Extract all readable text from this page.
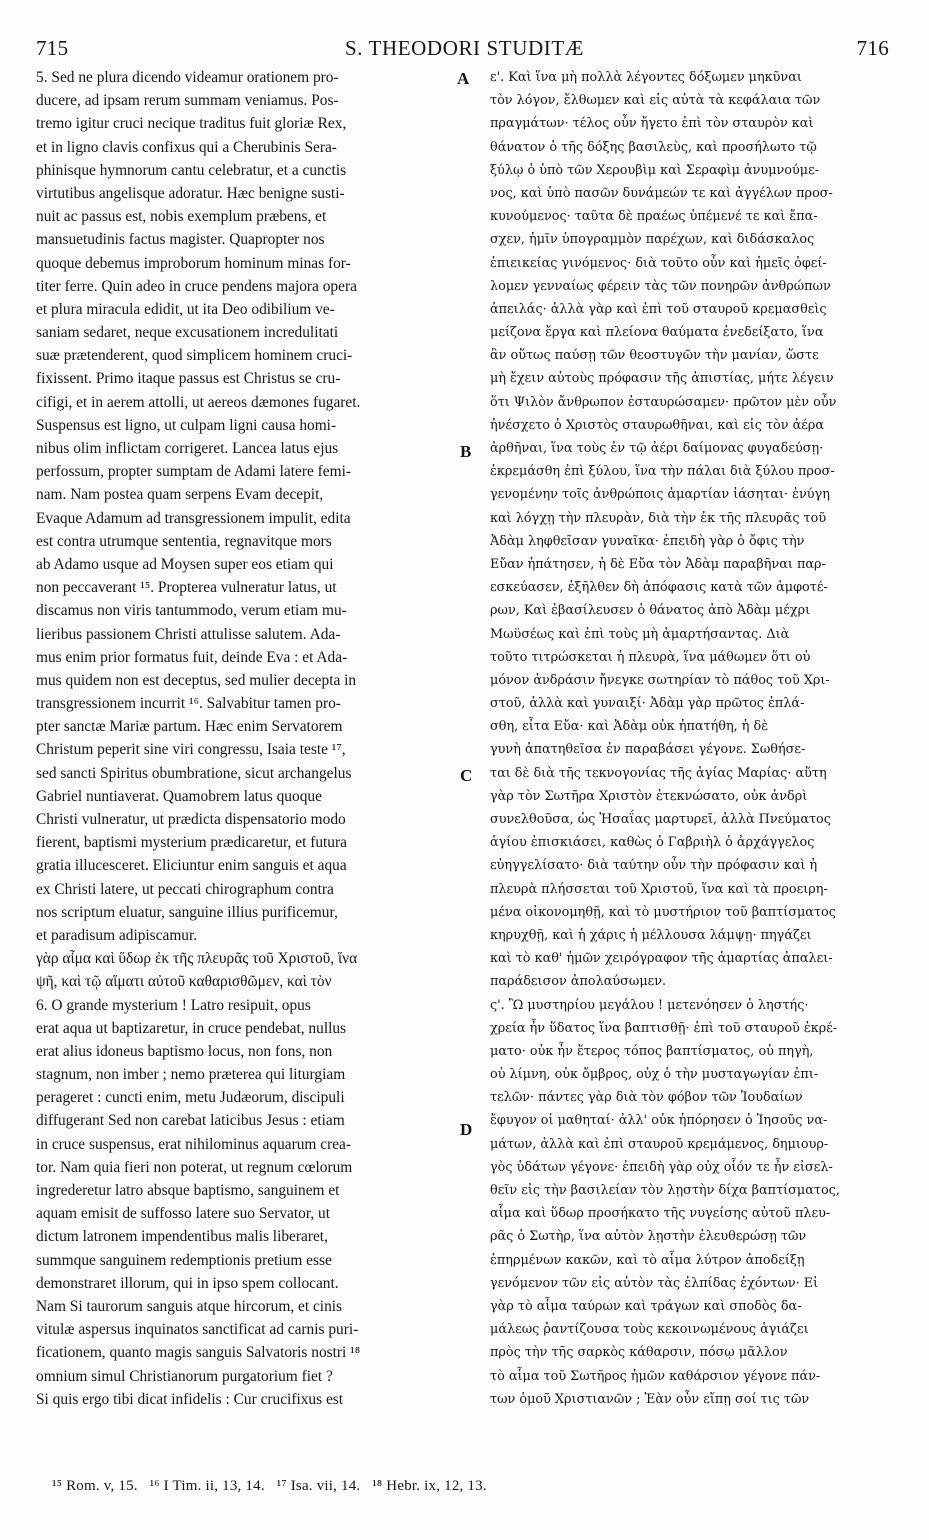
715	S. THEODORI STUDITÆ	716
5. Sed ne plura dicendo videamur orationem pro-
ducere, ad ipsam rerum summam veniamus. Pos-
tremo igitur cruci necique traditus fuit gloriæ Rex,
et in ligno clavis confixus qui a Cherubinis Sera-
phinisque hymnorum cantu celebratur, et a cunctis
virtutibus angelisque adoratur. Hæc benigne susti-
nuit ac passus est, nobis exemplum præbens, et
mansuetudinis factus magister. Quapropter nos
quoque debemus improborum hominum minas for-
titer ferre. Quin adeo in cruce pendens majora opera
et plura miracula edidit, ut ita Deo odibilium ve-
saniam sedaret, neque excusationem incredulitati
suæ prætenderent, quod simplicem hominem cruci-
fixissent. Primo itaque passus est Christus se cru-
cifigi, et in aerem attolli, ut aereos dæmones fugaret.
Suspensus est ligno, ut culpam ligni causa homi-
nibus olim inflictam corrigeret. Lancea latus ejus
perfossum, propter sumptam de Adami latere femi-
nam. Nam postea quam serpens Evam decepit,
Evaque Adamum ad transgressionem impulit, edita
est contra utrumque sententia, regnavitque mors
ab Adamo usque ad Moysen super eos etiam qui
non peccaverant ¹⁵. Propterea vulneratur latus, ut
discamus non viris tantummodo, verum etiam mu-
lieribus passionem Christi attulisse salutem. Ada-
mus enim prior formatus fuit, deinde Eva : et Ada-
mus quidem non est deceptus, sed mulier decepta in
transgressionem incurrit ¹⁶. Salvabitur tamen pro-
pter sanctæ Mariæ partum. Hæc enim Servatorem
Christum peperit sine viri congressu, Isaia teste ¹⁷,
sed sancti Spiritus obumbratione, sicut archangelus
Gabriel nuntiaverat. Quamobrem latus quoque
Christi vulneratur, ut prædicta dispensatorio modo
fierent, baptismi mysterium prædicaretur, et futura
gratia illucesceret. Eliciuntur enim sanguis et aqua
ex Christi latere, ut peccati chirographum contra
nos scriptum eluatur, sanguine illius purificemur,
et paradisum adipiscamur.
γὰρ αἷμα καὶ ὕδωρ ἐκ τῆς πλευρᾶς τοῦ Χριστοῦ, ἵνα
ψῆ, καὶ τῷ αἵματι αὐτοῦ καθαρισθῶμεν, καὶ τὸν
6. O grande mysterium ! Latro resipuit, opus
erat aqua ut baptizaretur, in cruce pendebat, nullus
erat alius idoneus baptismo locus, non fons, non
stagnum, non imber ; nemo præterea qui liturgiam
perageret : cuncti enim, metu Judæorum, discipuli
diffugerant Sed non carebat laticibus Jesus : etiam
in cruce suspensus, erat nihilominus aquarum crea-
tor. Nam quia fieri non poterat, ut regnum cœlorum
ingrederetur latro absque baptismo, sanguinem et
aquam emisit de suffosso latere suo Servator, ut
dictum latronem impendentibus malis liberaret,
summque sanguinem redemptionis pretium esse
demonstraret illorum, qui in ipso spem collocant.
Nam Si taurorum sanguis atque hircorum, et cinis
vitulæ aspersus inquinatos sanctificat ad carnis puri-
ficationem, quanto magis sanguis Salvatoris nostri ¹⁸
omnium simul Christianorum purgatorium fiet ?
Si quis ergo tibi dicat infidelis : Cur crucifixus est
ε'. Καὶ ἵνα μὴ πολλὰ λέγοντες δόξωμεν μηκῦναι
τὸν λόγον, ἔλθωμεν καὶ εἰς αὐτὰ τὰ κεφάλαια τῶν
πραγμάτων· τέλος οὖν ἤγετο ἐπὶ τὸν σταυρὸν καὶ
θάνατον ὁ τῆς δόξης βασιλεὺς, καὶ προσήλωτο τῷ
ξύλῳ ὁ ὑπὸ τῶν Χερουβὶμ καὶ Σεραφὶμ ἀνυμνούμε-
νος, καὶ ὑπὸ πασῶν δυνάμεών τε καὶ ἀγγέλων προσ-
κυνούμενος· ταῦτα δὲ πραέως ὑπέμενέ τε καὶ ἔπα-
σχεν, ἡμῖν ὑπογραμμὸν παρέχων, καὶ διδάσκαλος
ἐπιεικείας γινόμενος· διὰ τοῦτο οὖν καὶ ἡμεῖς ὀφεί-
λομεν γενναίως φέρειν τὰς τῶν πονηρῶν ἀνθρώπων
ἀπειλάς· ἀλλὰ γὰρ καὶ ἐπὶ τοῦ σταυροῦ κρεμασθεὶς
μείζονα ἔργα καὶ πλείονα θαύματα ἐνεδείξατο, ἵνα
ἂν οὕτως παύσῃ τῶν θεοστυγῶν τὴν μανίαν, ὥστε
μὴ ἔχειν αὐτοὺς πρόφασιν τῆς ἀπιστίας, μήτε λέγειν
ὅτι Ψιλὸν ἄνθρωπον ἐσταυρώσαμεν· πρῶτον μὲν οὖν
ἠνέσχετο ὁ Χριστὸς σταυρωθῆναι, καὶ εἰς τὸν ἀέρα
ἀρθῆναι, ἵνα τοὺς ἐν τῷ ἀέρι δαίμονας φυγαδεύσῃ·
ἐκρεμάσθη ἐπὶ ξύλου, ἵνα τὴν πάλαι διὰ ξύλου προσ-
γενομένην τοῖς ἀνθρώποις ἁμαρτίαν ἰάσηται· ἐνύγη
καὶ λόγχῃ τὴν πλευρὰν, διὰ τὴν ἐκ τῆς πλευρᾶς τοῦ
Ἀδὰμ ληφθεῖσαν γυναῖκα· ἐπειδὴ γὰρ ὁ ὄφις τὴν
Εὔαν ἠπάτησεν, ἡ δὲ Εὔα τὸν Ἀδὰμ παραβῆναι παρ-
εσκεύασεν, ἐξῆλθεν δὴ ἀπόφασις κατὰ τῶν ἀμφοτέ-
ρων, Καὶ ἐβασίλευσεν ὁ θάνατος ἀπὸ Ἀδὰμ μέχρι
Μωϋσέως καὶ ἐπὶ τοὺς μὴ ἁμαρτήσαντας. Διὰ
τοῦτο τιτρώσκεται ἡ πλευρὰ, ἵνα μάθωμεν ὅτι οὐ
μόνον ἀνδράσιν ἤνεγκε σωτηρίαν τὸ πάθος τοῦ Χρι-
στοῦ, ἀλλὰ καὶ γυναιξί· Ἀδὰμ γὰρ πρῶτος ἐπλά-
σθη, εἶτα Εὔα· καὶ Ἀδὰμ οὐκ ἠπατήθη, ἡ δὲ
γυνὴ ἀπατηθεῖσα ἐν παραβάσει γέγονε. Σωθήσε-
ται δὲ διὰ τῆς τεκνογονίας τῆς ἁγίας Μαρίας· αὕτη
γὰρ τὸν Σωτῆρα Χριστὸν ἐτεκνώσατο, οὐκ ἀνδρὶ
συνελθοῦσα, ὡς Ἠσαΐας μαρτυρεῖ, ἀλλὰ Πνεύματος
ἁγίου ἐπισκιάσει, καθὼς ὁ Γαβριὴλ ὁ ἀρχάγγελος
εὐηγγελίσατο· διὰ ταύτην οὖν τὴν πρόφασιν καὶ ἡ
πλευρὰ πλήσσεται τοῦ Χριστοῦ, ἵνα καὶ τὰ προειρη-
μένα οἰκονομηθῇ, καὶ τὸ μυστήριον τοῦ βαπτίσματος
κηρυχθῇ, καὶ ἡ χάρις ἡ μέλλουσα λάμψῃ· πηγάζει
καὶ τὸ καθ' ἡμῶν χειρόγραφον τῆς ἁμαρτίας ἀπαλει-
παράδεισον ἀπολαύσωμεν.
ς'. Ὢ μυστηρίου μεγάλου ! μετενόησεν ὁ ληστής·
χρεία ἦν ὕδατος ἵνα βαπτισθῇ· ἐπὶ τοῦ σταυροῦ ἐκρέ-
ματο· οὐκ ἦν ἕτερος τόπος βαπτίσματος, οὐ πηγὴ,
οὐ λίμνη, οὐκ ὄμβρος, οὐχ ὁ τὴν μυσταγωγίαν ἐπι-
τελῶν· πάντες γὰρ διὰ τὸν φόβον τῶν Ἰουδαίων
ἔφυγον οἱ μαθηταί· ἀλλ' οὐκ ἠπόρησεν ὁ Ἰησοῦς να-
μάτων, ἀλλὰ καὶ ἐπὶ σταυροῦ κρεμάμενος, δημιουρ-
γὸς ὑδάτων γέγονε· ἐπειδὴ γὰρ οὐχ οἷόν τε ἦν εἰσελ-
θεῖν εἰς τὴν βασιλείαν τὸν λῃστὴν δίχα βαπτίσματος,
αἷμα καὶ ὕδωρ προσήκατο τῆς νυγείσης αὐτοῦ πλευ-
ρᾶς ὁ Σωτὴρ, ἵνα αὐτὸν λῃστὴν ἐλευθερώσῃ τῶν
ἐπηρμένων κακῶν, καὶ τὸ αἷμα λύτρον ἀποδείξῃ
γενόμενον τῶν εἰς αὐτὸν τὰς ἐλπίδας ἐχόντων· Εἰ
γὰρ τὸ αἷμα ταύρων καὶ τράγων καὶ σποδὸς δα-
μάλεως ῥαντίζουσα τοὺς κεκοινωμένους ἁγιάζει
πρὸς τὴν τῆς σαρκὸς κάθαρσιν, πόσῳ μᾶλλον
τὸ αἷμα τοῦ Σωτῆρος ἡμῶν καθάρσιον γέγονε πάν-
των ὁμοῦ Χριστιανῶν ; Ἐὰν οὖν εἴπῃ σοί τις τῶν
A
B
C
D
¹⁵ Rom. v, 15.   ¹⁶ I Tim. ii, 13, 14.   ¹⁷ Isa. vii, 14.   ¹⁸ Hebr. ix, 12, 13.
